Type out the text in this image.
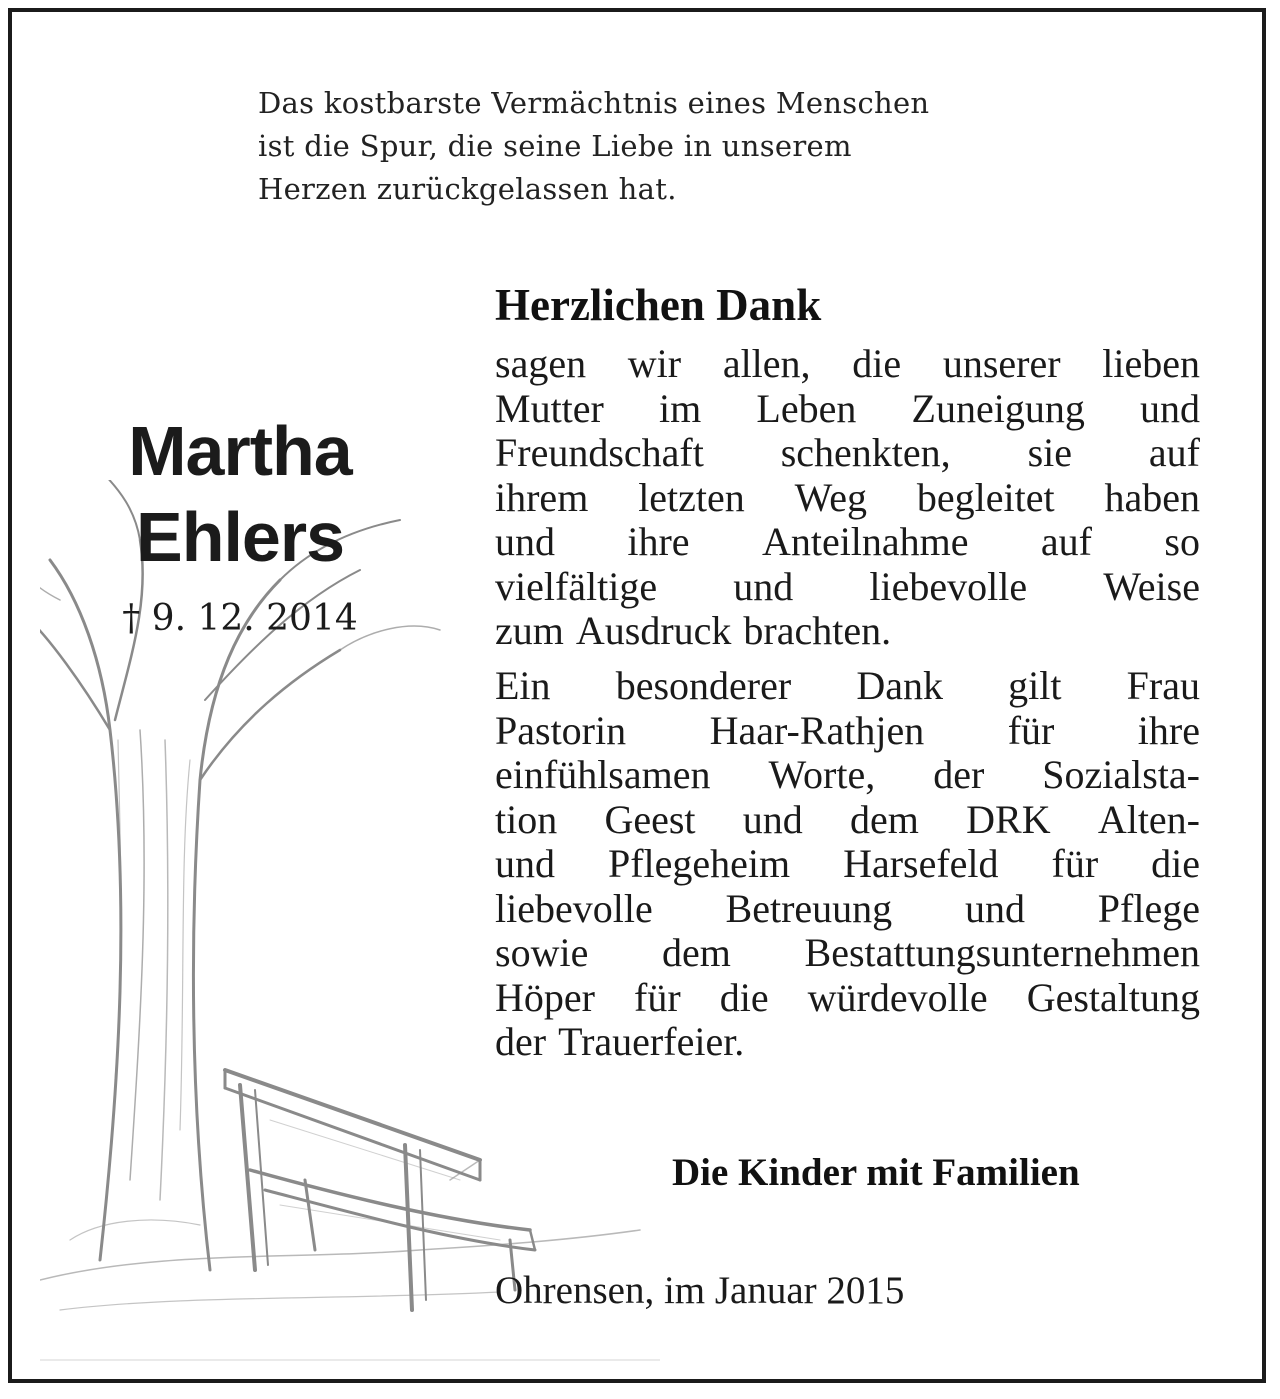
Das kostbarste Vermächtnis eines Menschen
ist die Spur, die seine Liebe in unserem
Herzen zurückgelassen hat.
Martha
Ehlers
† 9. 12. 2014
Herzlichen Dank
sagen wir allen, die unserer lieben
Mutter im Leben Zuneigung und
Freundschaft schenkten, sie auf
ihrem letzten Weg begleitet haben
und ihre Anteilnahme auf so
vielfältige und liebevolle Weise
zum Ausdruck brachten.
Ein besonderer Dank gilt Frau
Pastorin Haar-Rathjen für ihre
einfühlsamen Worte, der Sozialsta-
tion Geest und dem DRK Alten-
und Pflegeheim Harsefeld für die
liebevolle Betreuung und Pflege
sowie dem Bestattungsunternehmen
Höper für die würdevolle Gestaltung
der Trauerfeier.
Die Kinder mit Familien
Ohrensen, im Januar 2015
